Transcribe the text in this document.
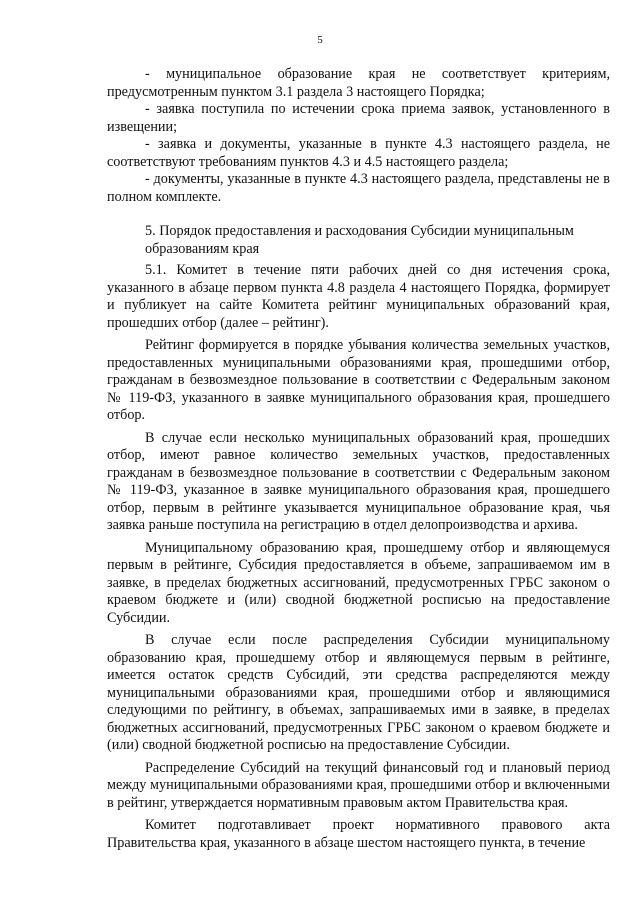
5

- муниципальное образование края не соответствует критериям, предусмотренным пунктом 3.1 раздела 3 настоящего Порядка;

- заявка поступила по истечении срока приема заявок, установленного в извещении;

- заявка и документы, указанные в пункте 4.3 настоящего раздела, не соответствуют требованиям пунктов 4.3 и 4.5 настоящего раздела;

- документы, указанные в пункте 4.3 настоящего раздела, представлены не в полном комплекте.

5. Порядок предоставления и расходования Субсидии муниципальным образованиям края

5.1. Комитет в течение пяти рабочих дней со дня истечения срока, указанного в абзаце первом пункта 4.8 раздела 4 настоящего Порядка, формирует и публикует на сайте Комитета рейтинг муниципальных образований края, прошедших отбор (далее – рейтинг).

Рейтинг формируется в порядке убывания количества земельных участков, предоставленных муниципальными образованиями края, прошедшими отбор, гражданам в безвозмездное пользование в соответствии с Федеральным законом № 119-ФЗ, указанного в заявке муниципального образования края, прошедшего отбор.

В случае если несколько муниципальных образований края, прошедших отбор, имеют равное количество земельных участков, предоставленных гражданам в безвозмездное пользование в соответствии с Федеральным законом № 119-ФЗ, указанное в заявке муниципального образования края, прошедшего отбор, первым в рейтинге указывается муниципальное образование края, чья заявка раньше поступила на регистрацию в отдел делопроизводства и архива.

Муниципальному образованию края, прошедшему отбор и являющемуся первым в рейтинге, Субсидия предоставляется в объеме, запрашиваемом им в заявке, в пределах бюджетных ассигнований, предусмотренных ГРБС законом о краевом бюджете и (или) сводной бюджетной росписью на предоставление Субсидии.

В случае если после распределения Субсидии муниципальному образованию края, прошедшему отбор и являющемуся первым в рейтинге, имеется остаток средств Субсидий, эти средства распределяются между муниципальными образованиями края, прошедшими отбор и являющимися следующими по рейтингу, в объемах, запрашиваемых ими в заявке, в пределах бюджетных ассигнований, предусмотренных ГРБС законом о краевом бюджете и (или) сводной бюджетной росписью на предоставление Субсидии.

Распределение Субсидий на текущий финансовый год и плановый период между муниципальными образованиями края, прошедшими отбор и включенными в рейтинг, утверждается нормативным правовым актом Правительства края.

Комитет подготавливает проект нормативного правового акта Правительства края, указанного в абзаце шестом настоящего пункта, в течение
